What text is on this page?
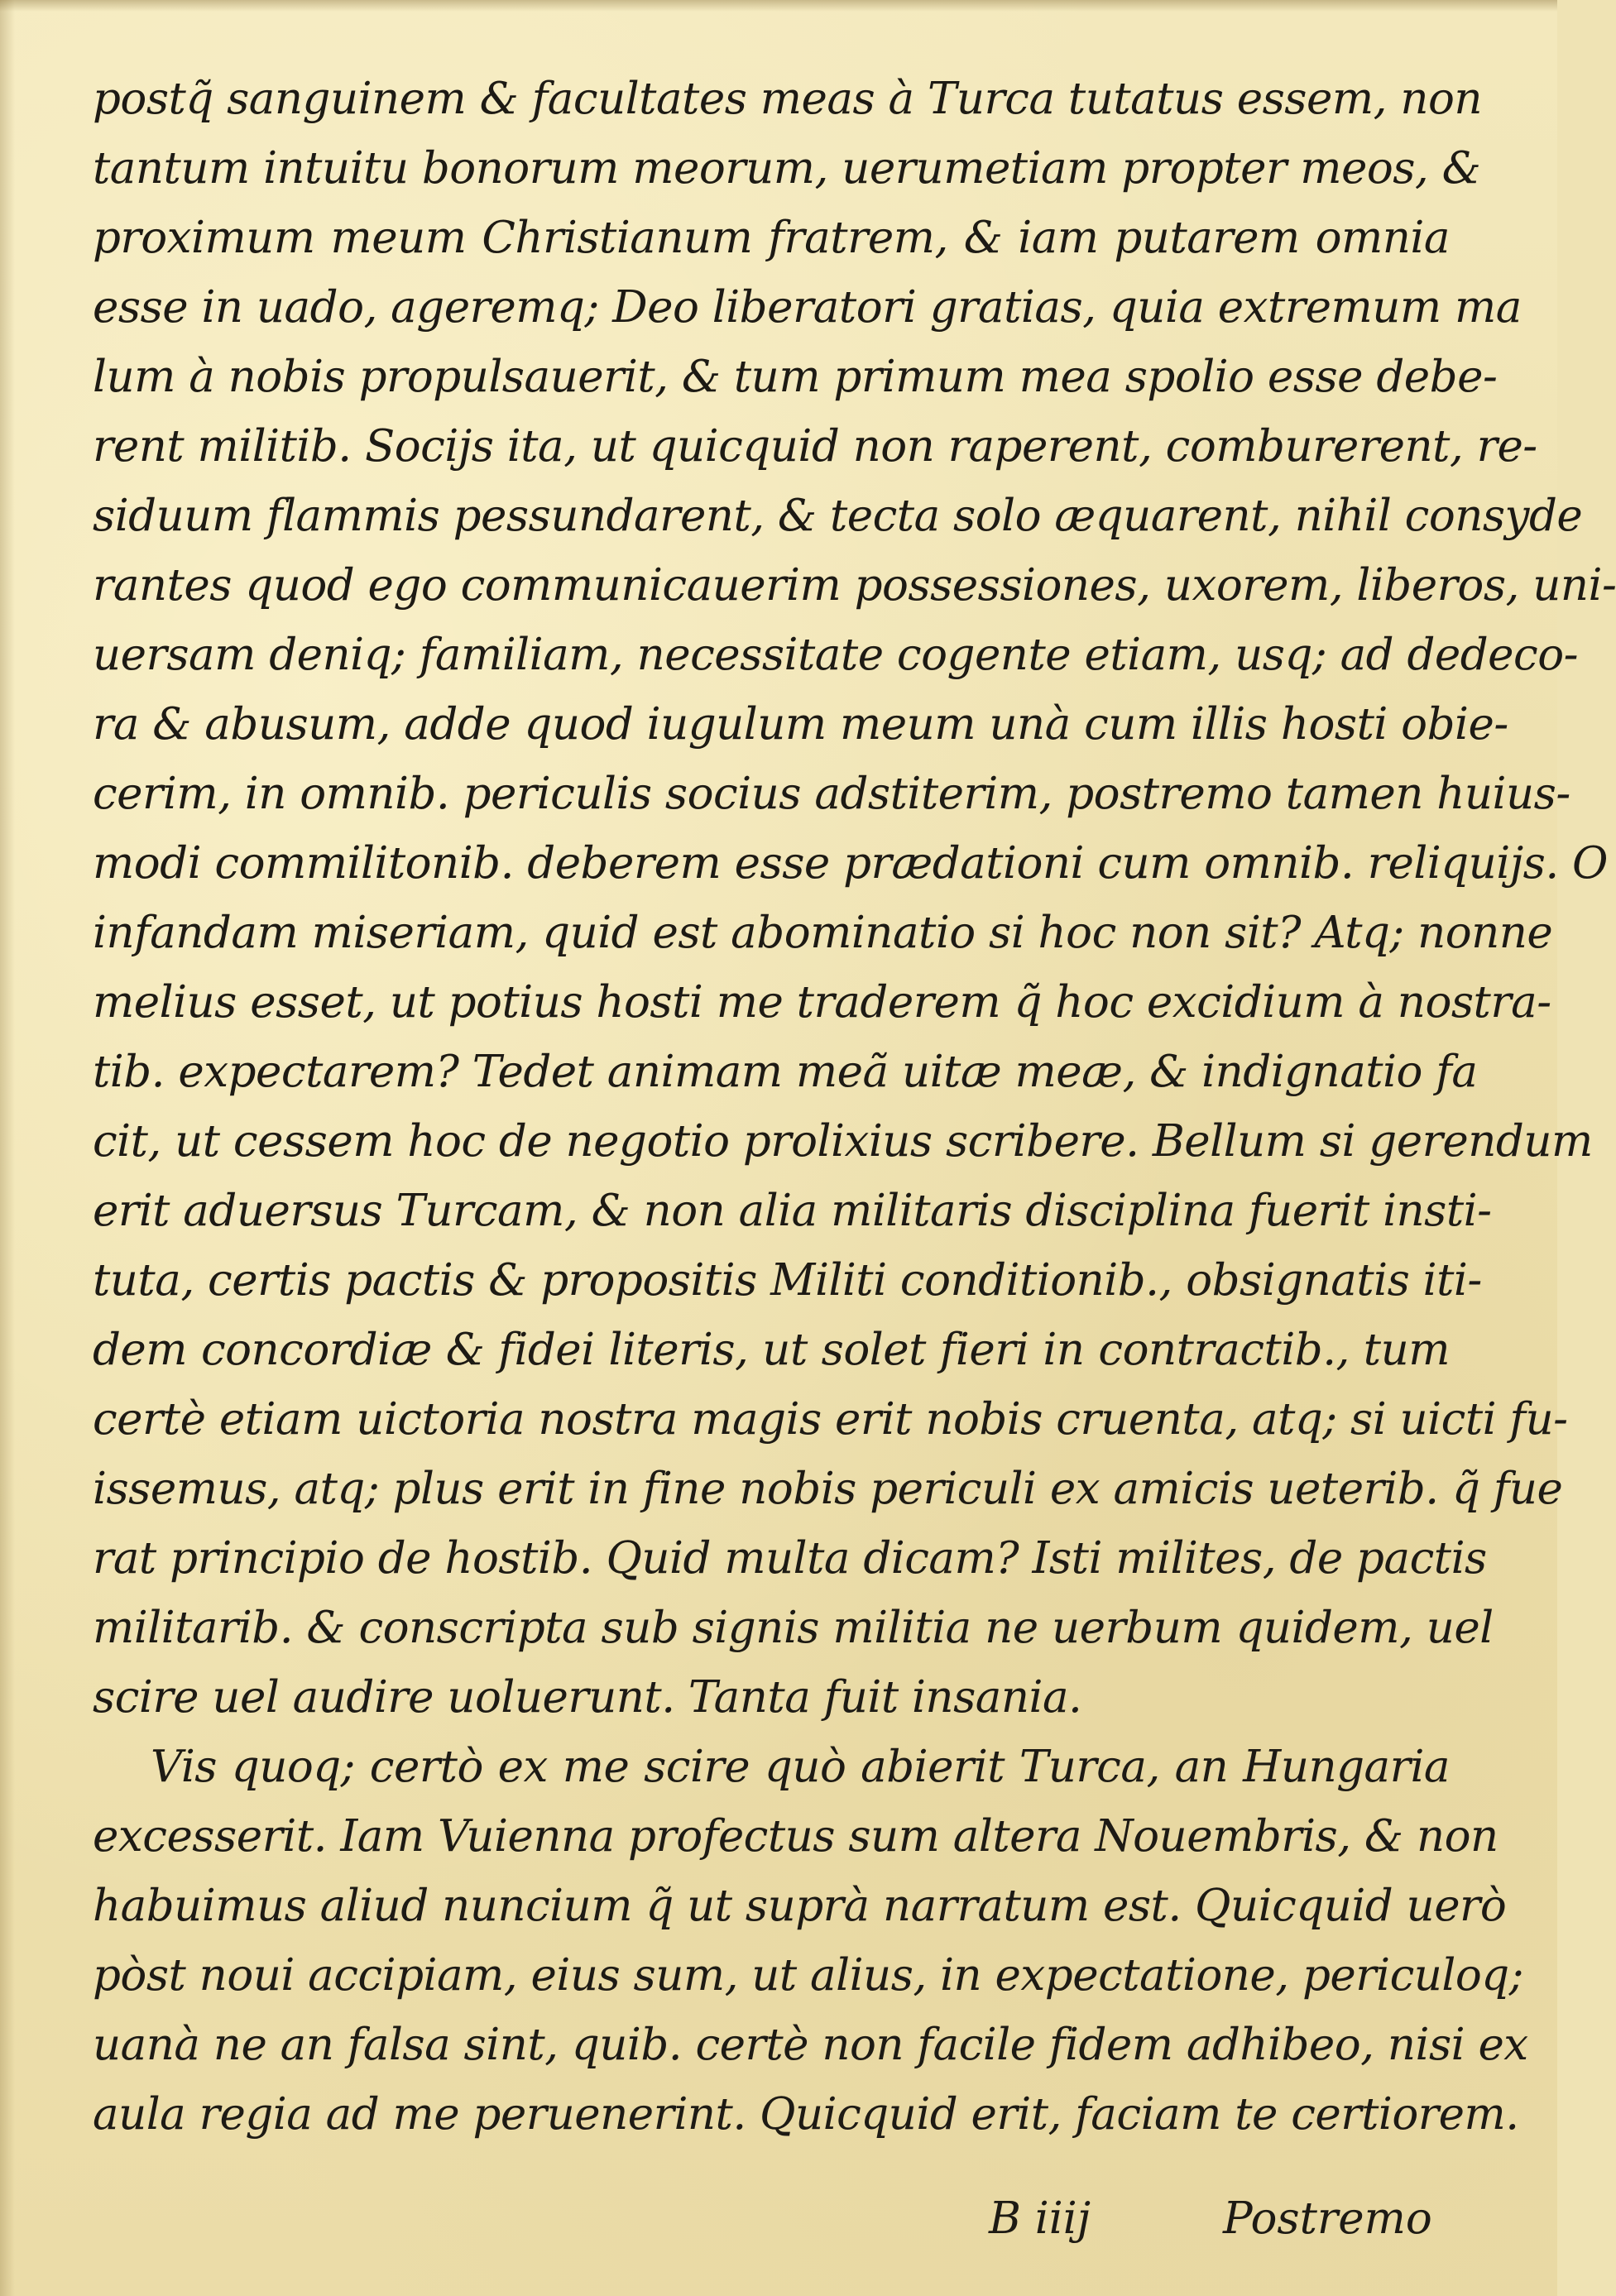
postq̃ sanguinem & facultates meas à Turca tutatus essem, non
tantum intuitu bonorum meorum, uerumetiam propter meos, &
proximum meum Christianum fratrem, & iam putarem omnia
esse in uado, ageremq; Deo liberatori gratias, quia extremum ma
lum à nobis propulsauerit, & tum primum mea spolio esse debe-
rent militib. Socijs ita, ut quicquid non raperent, comburerent, re-
siduum flammis pessundarent, & tecta solo æquarent, nihil consyde
rantes quod ego communicauerim possessiones, uxorem, liberos, uni-
uersam deniq; familiam, necessitate cogente etiam, usq; ad dedeco-
ra & abusum, adde quod iugulum meum unà cum illis hosti obie-
cerim, in omnib. periculis socius adstiterim, postremo tamen huius-
modi commilitonib. deberem esse prædationi cum omnib. reliquijs. O
infandam miseriam, quid est abominatio si hoc non sit? Atq; nonne
melius esset, ut potius hosti me traderem q̃ hoc excidium à nostra-
tib. expectarem? Tedet animam meã uitæ meæ, & indignatio fa
cit, ut cessem hoc de negotio prolixius scribere. Bellum si gerendum
erit aduersus Turcam, & non alia militaris disciplina fuerit insti-
tuta, certis pactis & propositis Militi conditionib., obsignatis iti-
dem concordiæ & fidei literis, ut solet fieri in contractib., tum
certè etiam uictoria nostra magis erit nobis cruenta, atq; si uicti fu-
issemus, atq; plus erit in fine nobis periculi ex amicis ueterib. q̃ fue
rat principio de hostib. Quid multa dicam? Isti milites, de pactis
militarib. & conscripta sub signis militia ne uerbum quidem, uel
scire uel audire uoluerunt. Tanta fuit insania.
Vis quoq; certò ex me scire quò abierit Turca, an Hungaria
excesserit. Iam Vuienna profectus sum altera Nouembris, & non
habuimus aliud nuncium q̃ ut suprà narratum est. Quicquid uerò
pòst noui accipiam, eius sum, ut alius, in expectatione, periculoq;
uanà ne an falsa sint, quib. certè non facile fidem adhibeo, nisi ex
aula regia ad me peruenerint. Quicquid erit, faciam te certiorem.
B iiij	Postremo
